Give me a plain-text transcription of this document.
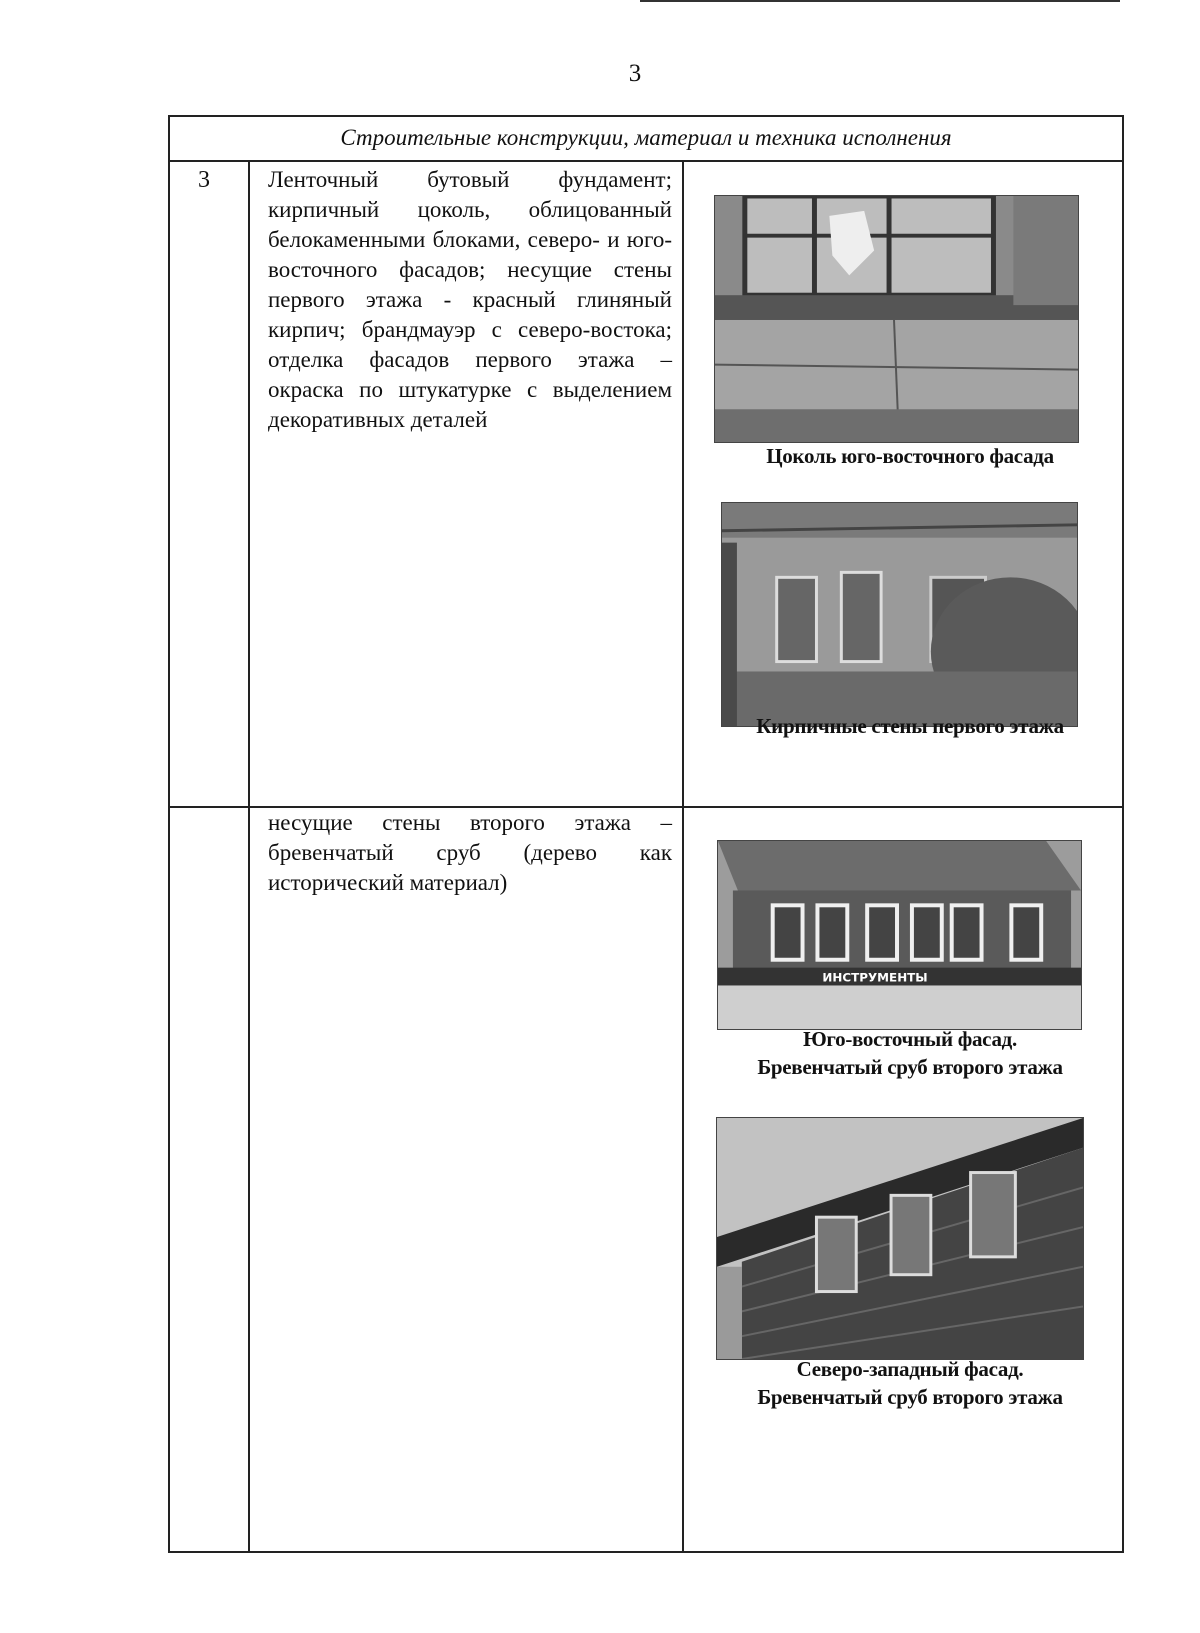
3
Строительные конструкции, материал и техника исполнения
3	Ленточный бутовый фундамент; кирпичный цоколь, облицованный белокаменными блоками, северо- и юго-восточного фасадов; несущие стены первого этажа - красный глиняный кирпич; брандмауэр с северо-востока; отделка фасадов первого этажа – окраска по штукатурке с выделением декоративных деталей
Цоколь юго-восточного фасада
Кирпичные стены первого этажа
несущие стены второго этажа – бревенчатый сруб (дерево как исторический материал)
ИНСТРУМЕНТЫ
Юго-восточный фасад.
Бревенчатый сруб второго этажа
Северо-западный фасад.
Бревенчатый сруб второго этажа
